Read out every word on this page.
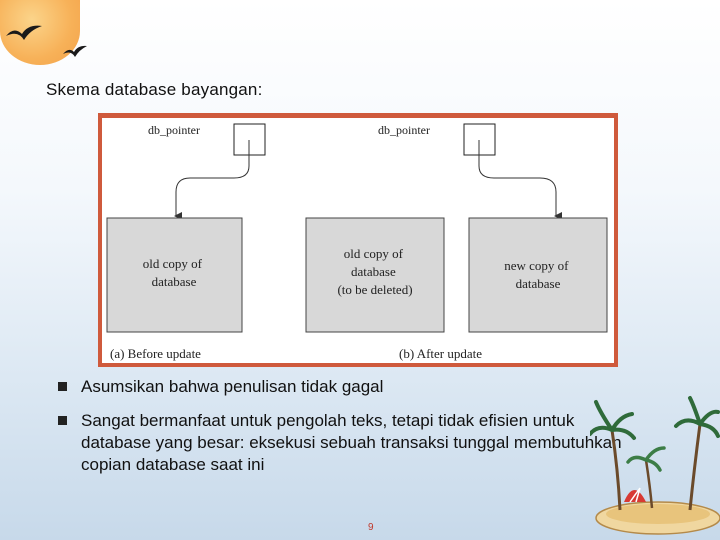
Skema database bayangan:
db_pointer	db_pointer
old copy of database
old copy of database (to be deleted)
new copy of database
(a) Before update	(b) After update
Asumsikan bahwa penulisan tidak gagal
Sangat bermanfaat untuk pengolah teks, tetapi tidak efisien untuk database yang besar: eksekusi sebuah transaksi tunggal membutuhkan copian database saat ini
9
